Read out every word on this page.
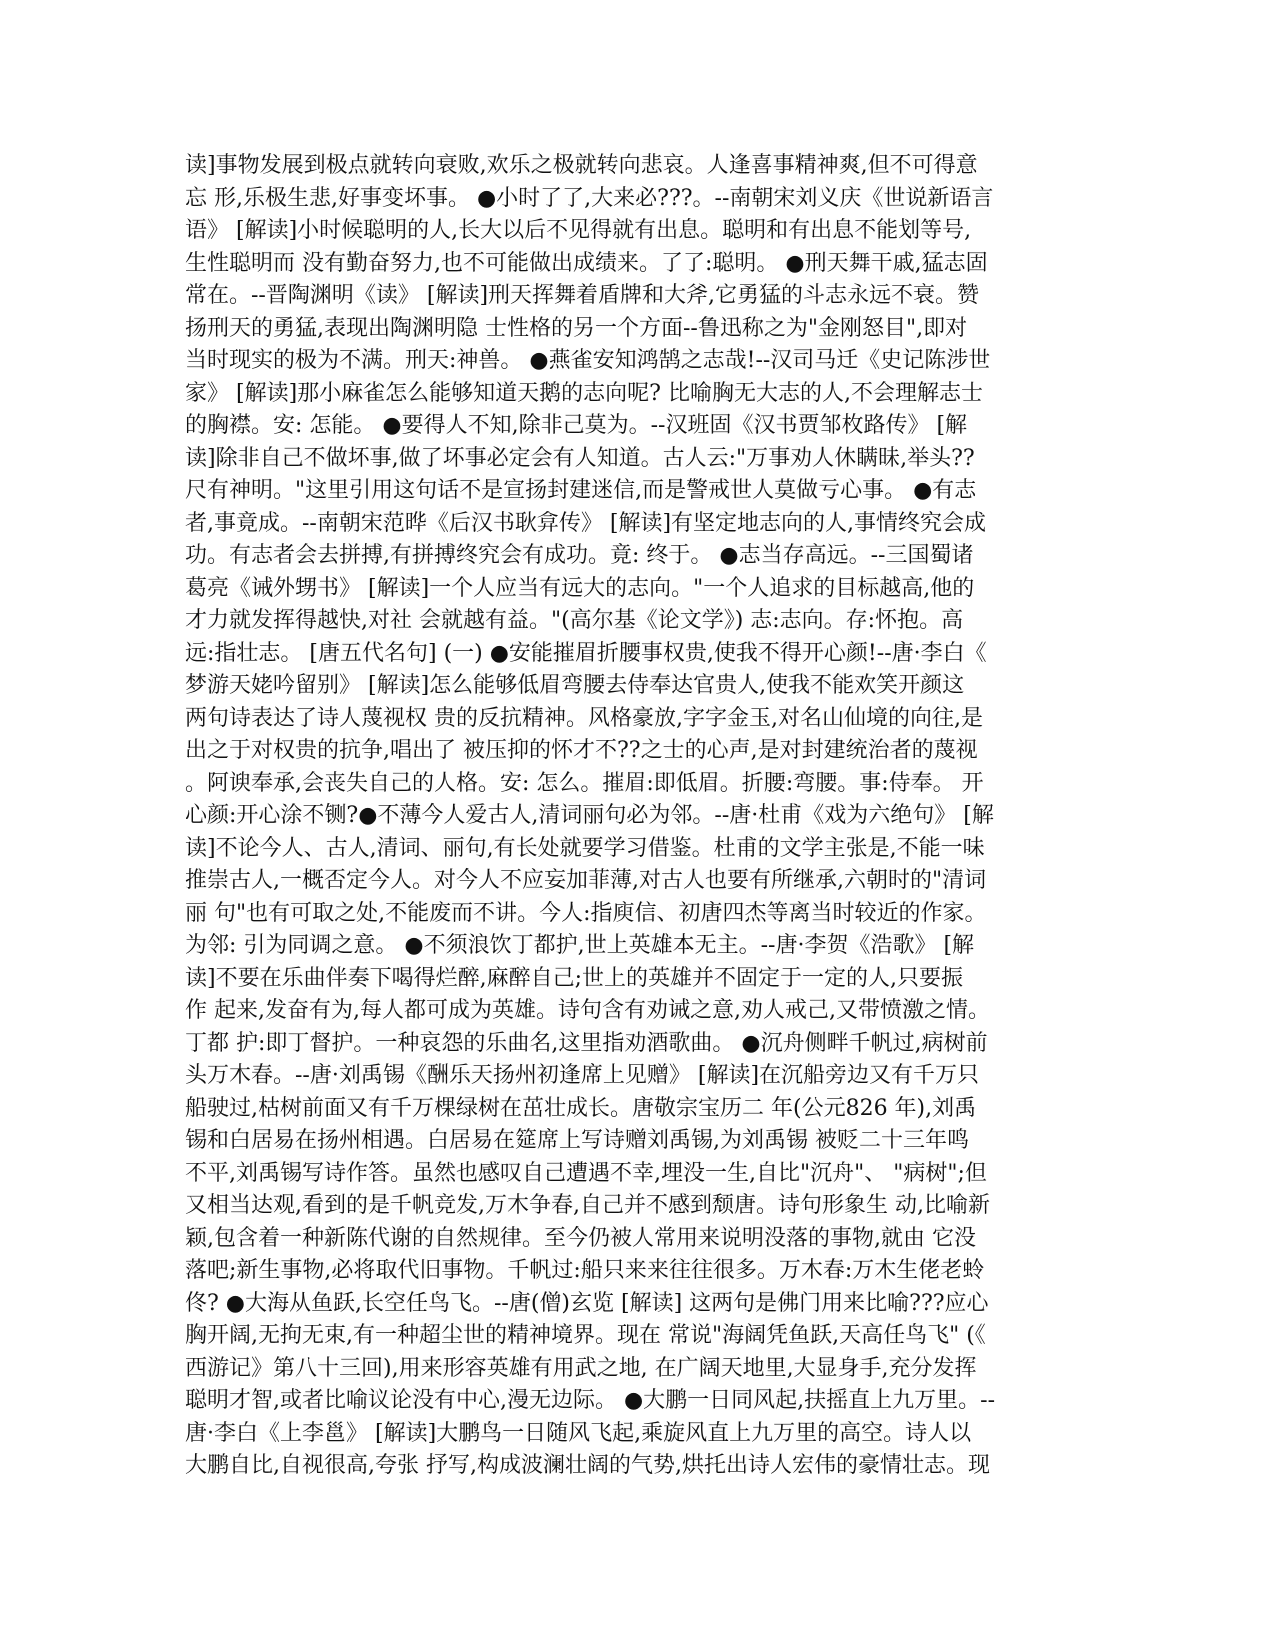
读]事物发展到极点就转向衰败,欢乐之极就转向悲哀。人逢喜事精神爽,但不可得意
忘 形,乐极生悲,好事变坏事。 ●小时了了,大来必???。--南朝宋刘义庆《世说新语言
语》 [解读]小时候聪明的人,长大以后不见得就有出息。聪明和有出息不能划等号,
生性聪明而 没有勤奋努力,也不可能做出成绩来。了了:聪明。 ●刑天舞干戚,猛志固
常在。--晋陶渊明《读》 [解读]刑天挥舞着盾牌和大斧,它勇猛的斗志永远不衰。赞
扬刑天的勇猛,表现出陶渊明隐 士性格的另一个方面--鲁迅称之为"金刚怒目",即对
当时现实的极为不满。刑天:神兽。 ●燕雀安知鸿鹄之志哉!--汉司马迁《史记陈涉世
家》 [解读]那小麻雀怎么能够知道天鹅的志向呢? 比喻胸无大志的人,不会理解志士
的胸襟。安: 怎能。 ●要得人不知,除非己莫为。--汉班固《汉书贾邹枚路传》 [解
读]除非自己不做坏事,做了坏事必定会有人知道。古人云:"万事劝人休瞒昧,举头??
尺有神明。"这里引用这句话不是宣扬封建迷信,而是警戒世人莫做亏心事。 ●有志
者,事竟成。--南朝宋范晔《后汉书耿弇传》 [解读]有坚定地志向的人,事情终究会成
功。有志者会去拼搏,有拼搏终究会有成功。竟: 终于。 ●志当存高远。--三国蜀诸
葛亮《诫外甥书》 [解读]一个人应当有远大的志向。"一个人追求的目标越高,他的
才力就发挥得越快,对社 会就越有益。"(高尔基《论文学》) 志:志向。存:怀抱。高
远:指壮志。 [唐五代名句] (一) ●安能摧眉折腰事权贵,使我不得开心颜!--唐·李白《
梦游天姥吟留别》 [解读]怎么能够低眉弯腰去侍奉达官贵人,使我不能欢笑开颜这
两句诗表达了诗人蔑视权 贵的反抗精神。风格豪放,字字金玉,对名山仙境的向往,是
出之于对权贵的抗争,唱出了 被压抑的怀才不??之士的心声,是对封建统治者的蔑视
。阿谀奉承,会丧失自己的人格。安: 怎么。摧眉:即低眉。折腰:弯腰。事:侍奉。 开
心颜:开心涂不铡?●不薄今人爱古人,清词丽句必为邻。--唐·杜甫《戏为六绝句》 [解
读]不论今人、古人,清词、丽句,有长处就要学习借鉴。杜甫的文学主张是,不能一味
推崇古人,一概否定今人。对今人不应妄加菲薄,对古人也要有所继承,六朝时的"清词
丽 句"也有可取之处,不能废而不讲。今人:指庾信、初唐四杰等离当时较近的作家。
为邻: 引为同调之意。 ●不须浪饮丁都护,世上英雄本无主。--唐·李贺《浩歌》 [解
读]不要在乐曲伴奏下喝得烂醉,麻醉自己;世上的英雄并不固定于一定的人,只要振
作 起来,发奋有为,每人都可成为英雄。诗句含有劝诫之意,劝人戒己,又带愤激之情。
丁都 护:即丁督护。一种哀怨的乐曲名,这里指劝酒歌曲。 ●沉舟侧畔千帆过,病树前
头万木春。--唐·刘禹锡《酬乐天扬州初逢席上见赠》 [解读]在沉船旁边又有千万只
船驶过,枯树前面又有千万棵绿树在茁壮成长。唐敬宗宝历二 年(公元826 年),刘禹
锡和白居易在扬州相遇。白居易在筵席上写诗赠刘禹锡,为刘禹锡 被贬二十三年鸣
不平,刘禹锡写诗作答。虽然也感叹自己遭遇不幸,埋没一生,自比"沉舟"、 "病树";但
又相当达观,看到的是千帆竞发,万木争春,自己并不感到颓唐。诗句形象生 动,比喻新
颖,包含着一种新陈代谢的自然规律。至今仍被人常用来说明没落的事物,就由 它没
落吧;新生事物,必将取代旧事物。千帆过:船只来来往往很多。万木春:万木生佬老蛉
佟? ●大海从鱼跃,长空任鸟飞。--唐(僧)玄览 [解读] 这两句是佛门用来比喻???应心
胸开阔,无拘无束,有一种超尘世的精神境界。现在 常说"海阔凭鱼跃,天高任鸟飞" (《
西游记》第八十三回),用来形容英雄有用武之地, 在广阔天地里,大显身手,充分发挥
聪明才智,或者比喻议论没有中心,漫无边际。 ●大鹏一日同风起,扶摇直上九万里。--
唐·李白《上李邕》 [解读]大鹏鸟一日随风飞起,乘旋风直上九万里的高空。诗人以
大鹏自比,自视很高,夸张 抒写,构成波澜壮阔的气势,烘托出诗人宏伟的豪情壮志。现
